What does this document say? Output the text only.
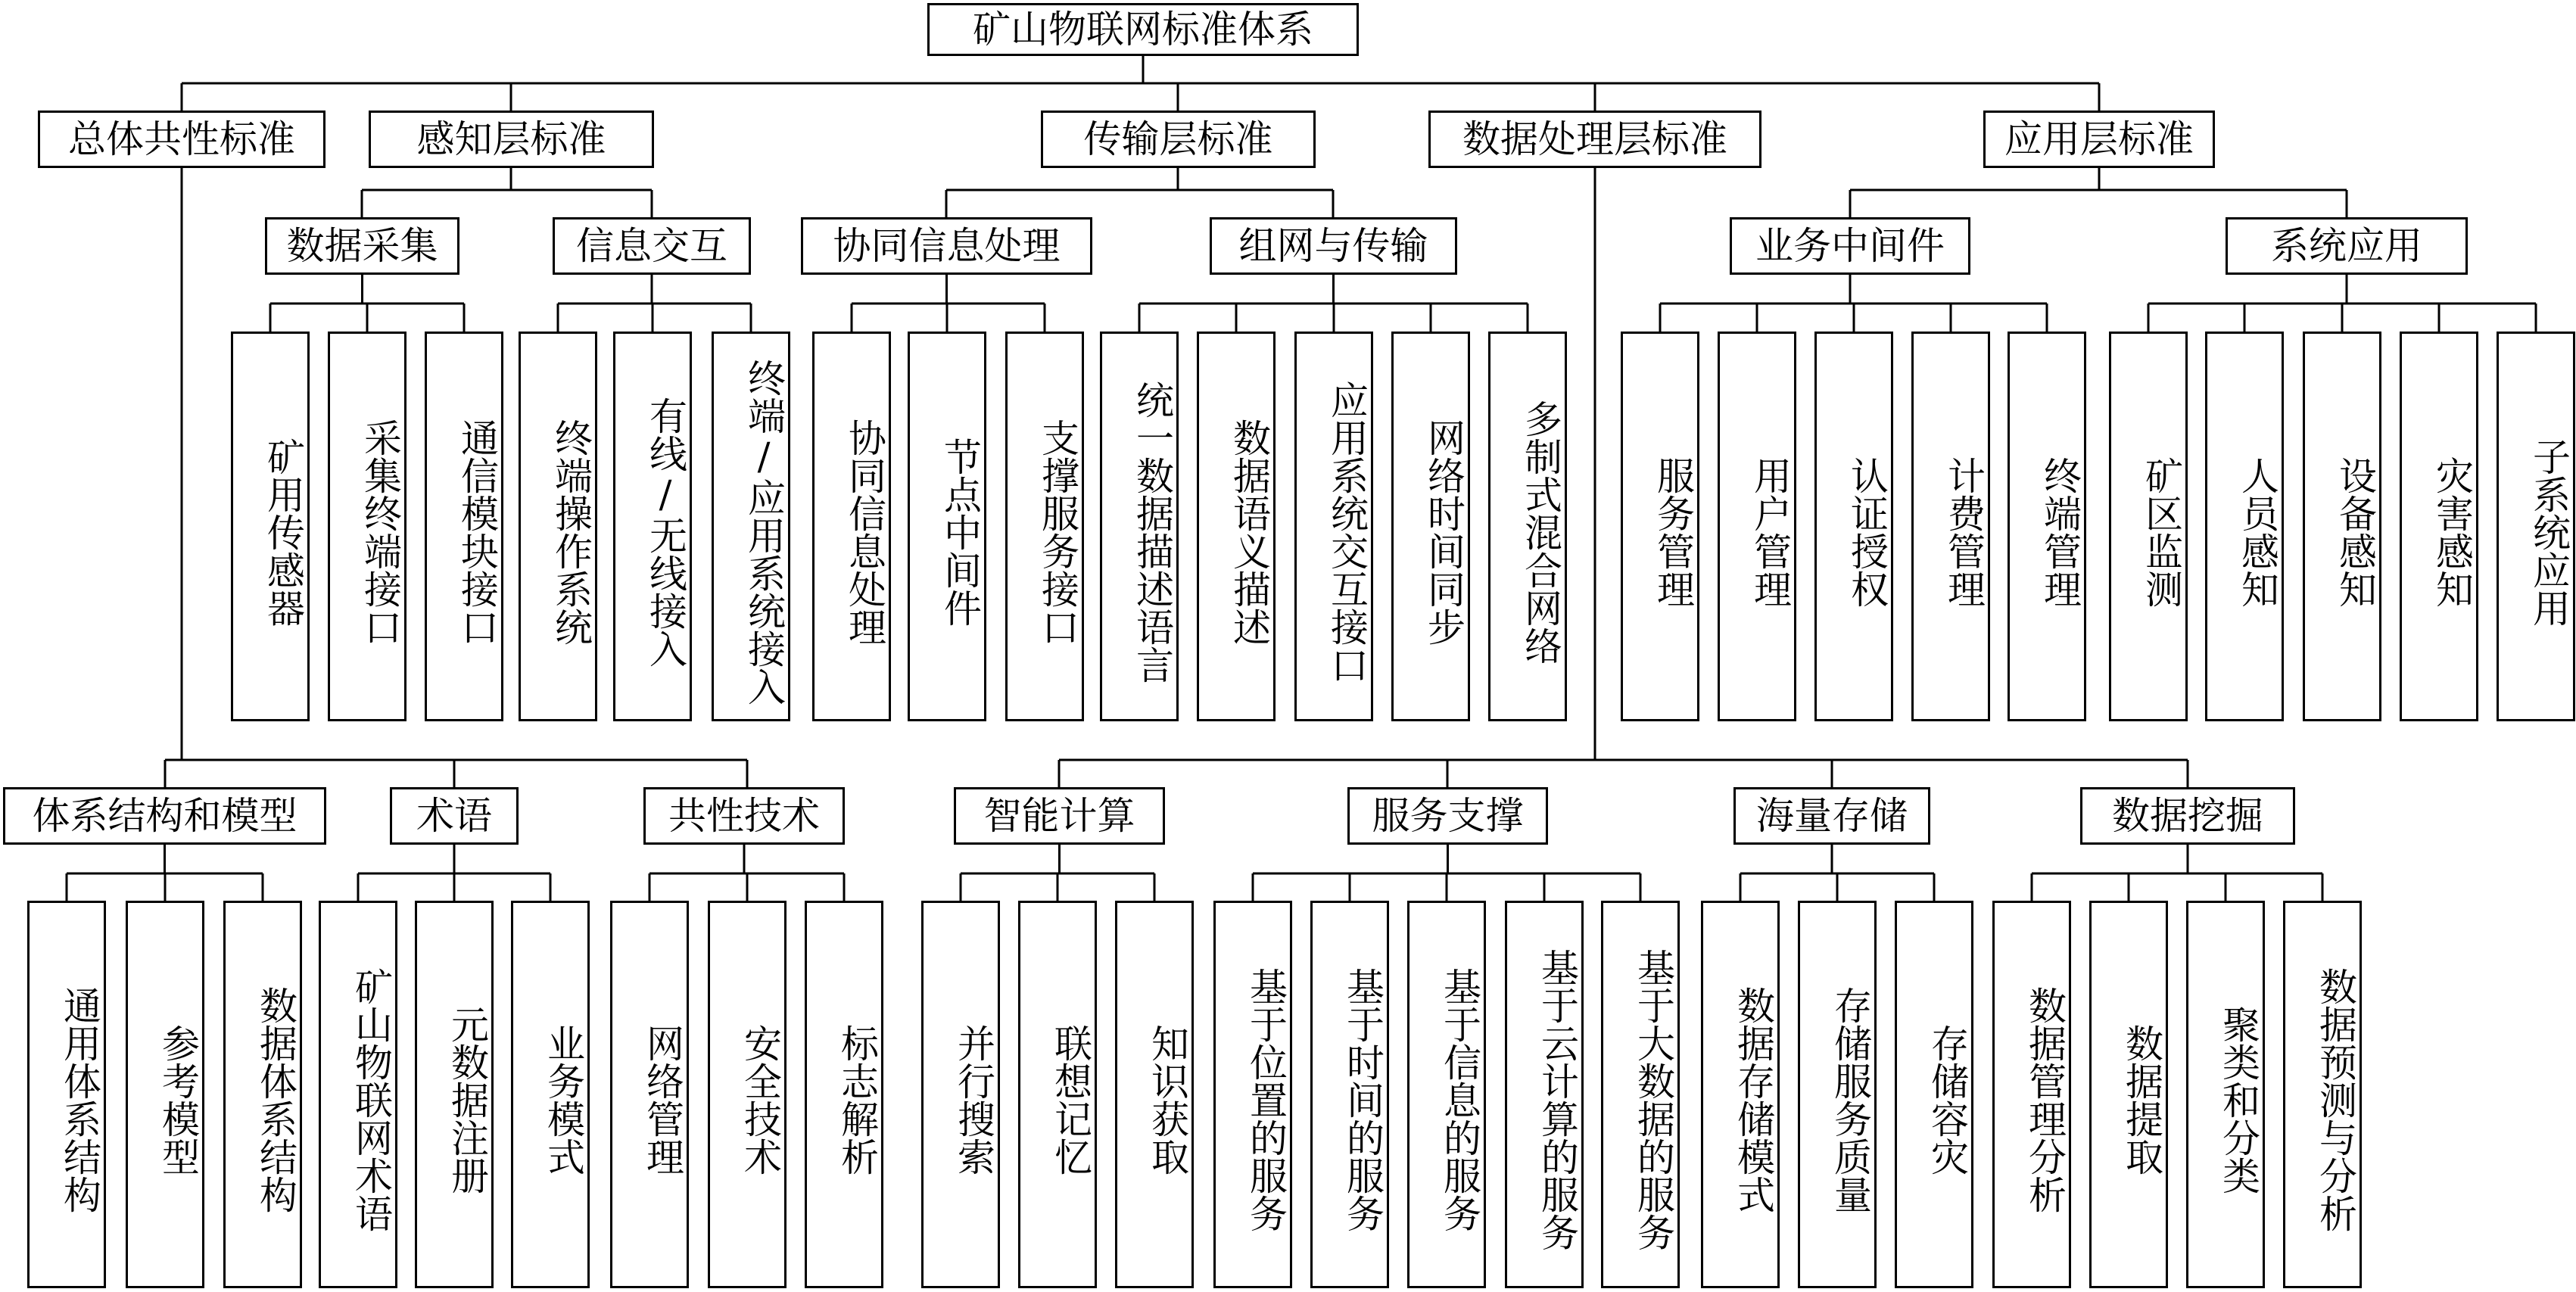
矿山物联网标准体系
总体共性标准	感知层标准	传输层标准	数据处理层标准	应用层标准
数据采集
矿用传感器	采集终端接口	通信模块接口
信息交互
终端操作系统	有线/无线接入	终端/应用系统接入
协同信息处理
协同信息处理	节点中间件	支撑服务接口
组网与传输
统一数据描述语言	数据语义描述	应用系统交互接口	网络时间同步	多制式混合网络
业务中间件
服务管理	用户管理	认证授权	计费管理	终端管理
系统应用
矿区监测	人员感知	设备感知	灾害感知	子系统应用
体系结构和模型
通用体系结构	参考模型	数据体系结构
术语
矿山物联网术语	元数据注册	业务模式
共性技术
网络管理	安全技术	标志解析
智能计算
并行搜索	联想记忆	知识获取
服务支撑
基于位置的服务	基于时间的服务	基于信息的服务	基于云计算的服务	基于大数据的服务
海量存储
数据存储模式	存储服务质量	存储容灾
数据挖掘
数据管理分析	数据提取	聚类和分类	数据预测与分析
